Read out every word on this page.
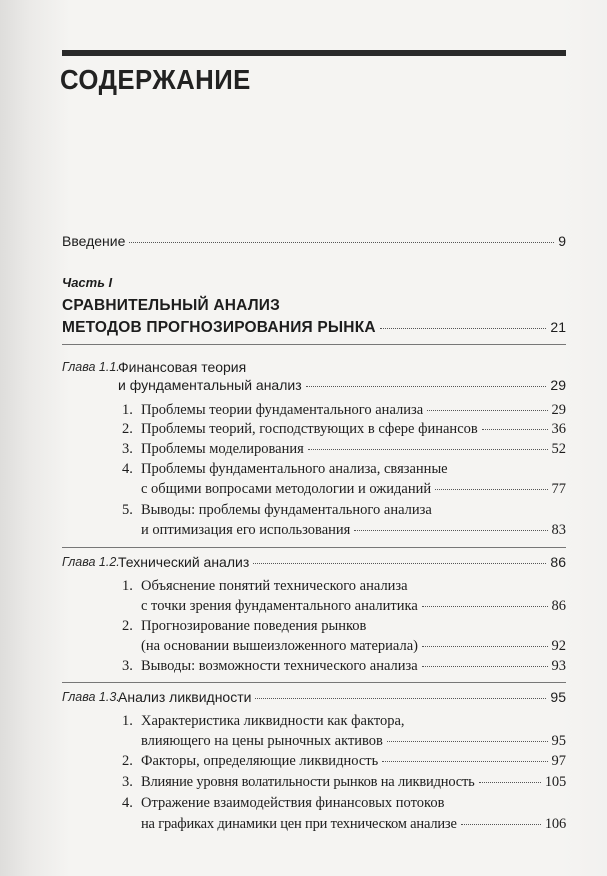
СОДЕРЖАНИЕ
Введение	9
Часть I
СРАВНИТЕЛЬНЫЙ АНАЛИЗ
МЕТОДОВ ПРОГНОЗИРОВАНИЯ РЫНКА	21
Глава 1.1.
Финансовая теория
и фундаментальный анализ	29
1. Проблемы теории фундаментального анализа	29
2. Проблемы теорий, господствующих в сфере финансов	36
3. Проблемы моделирования	52
4. Проблемы фундаментального анализа, связанные
с общими вопросами методологии и ожиданий	77
5. Выводы: проблемы фундаментального анализа
и оптимизация его использования	83
Глава 1.2.
Технический анализ	86
1. Объяснение понятий технического анализа
с точки зрения фундаментального аналитика	86
2. Прогнозирование поведения рынков
(на основании вышеизложенного материала)	92
3. Выводы: возможности технического анализа	93
Глава 1.3.
Анализ ликвидности	95
1. Характеристика ликвидности как фактора,
влияющего на цены рыночных активов	95
2. Факторы, определяющие ликвидность	97
3. Влияние уровня волатильности рынков на ликвидность	105
4. Отражение взаимодействия финансовых потоков
на графиках динамики цен при техническом анализе	106
